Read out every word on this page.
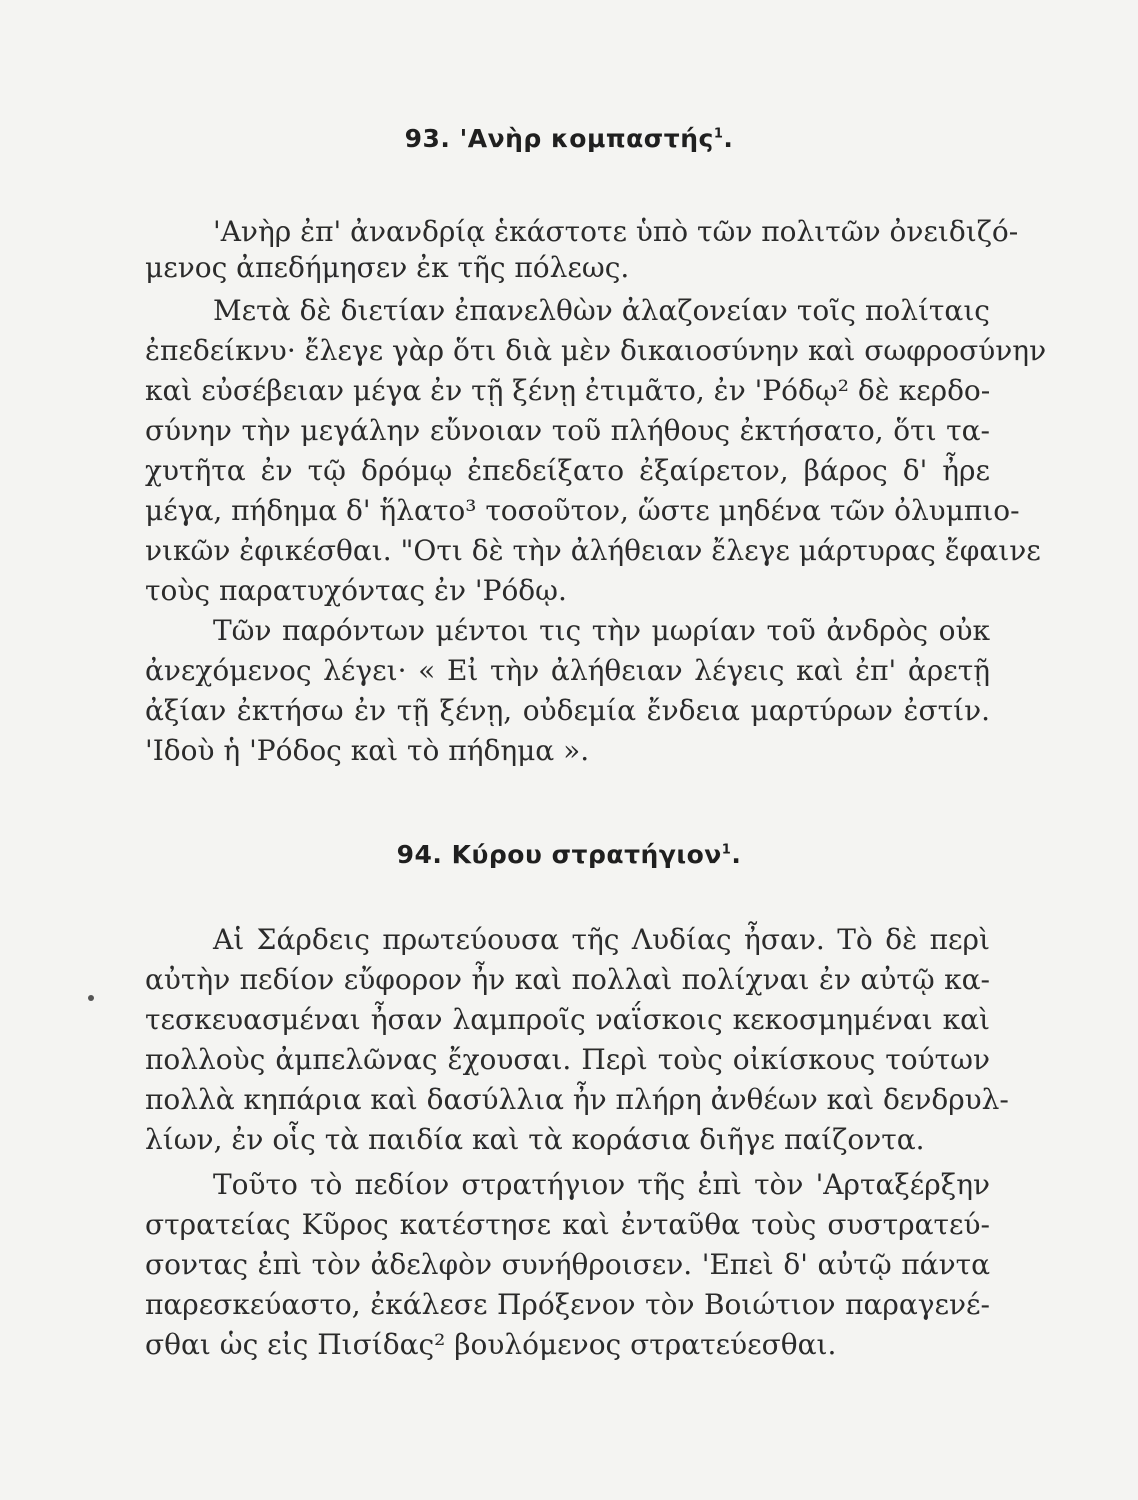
93. 'Ανὴρ κομπαστής$^1$.
'Ανὴρ ἐπ' ἀνανδρίᾳ ἑκάστοτε ὑπὸ τῶν πολιτῶν ὀνειδιζό-
μενος ἀπεδήμησεν ἐκ τῆς πόλεως.
Μετὰ δὲ διετίαν ἐπανελθὼν ἀλαζονείαν τοῖς πολίταις
ἐπεδείκνυ· ἔλεγε γὰρ ὅτι διὰ μὲν δικαιοσύνην καὶ σωφροσύνην
καὶ εὐσέβειαν μέγα ἐν τῇ ξένῃ ἐτιμᾶτο, ἐν 'Ρόδῳ² δὲ κερδο-
σύνην τὴν μεγάλην εὔνοιαν τοῦ πλήθους ἐκτήσατο, ὅτι τα-
χυτῆτα ἐν τῷ δρόμῳ ἐπεδείξατο ἐξαίρετον, βάρος δ' ἦρε
μέγα, πήδημα δ' ἥλατο³ τοσοῦτον, ὥστε μηδένα τῶν ὀλυμπιο-
νικῶν ἐφικέσθαι. "Οτι δὲ τὴν ἀλήθειαν ἔλεγε μάρτυρας ἔφαινε
τοὺς παρατυχόντας ἐν 'Ρόδῳ.
Τῶν παρόντων μέντοι τις τὴν μωρίαν τοῦ ἀνδρὸς οὐκ
ἀνεχόμενος λέγει· « Εἰ τὴν ἀλήθειαν λέγεις καὶ ἐπ' ἀρετῇ
ἀξίαν ἐκτήσω ἐν τῇ ξένῃ, οὐδεμία ἔνδεια μαρτύρων ἐστίν.
'Ιδοὺ ἡ 'Ρόδος καὶ τὸ πήδημα ».
94. Κύρου στρατήγιον$^1$.
Αἱ Σάρδεις πρωτεύουσα τῆς Λυδίας ἦσαν. Τὸ δὲ περὶ
αὐτὴν πεδίον εὔφορον ἦν καὶ πολλαὶ πολίχναι ἐν αὐτῷ κα-
τεσκευασμέναι ἦσαν λαμπροῖς ναΐσκοις κεκοσμημέναι καὶ
πολλοὺς ἀμπελῶνας ἔχουσαι. Περὶ τοὺς οἰκίσκους τούτων
πολλὰ κηπάρια καὶ δασύλλια ἦν πλήρη ἀνθέων καὶ δενδρυλ-
λίων, ἐν οἷς τὰ παιδία καὶ τὰ κοράσια διῆγε παίζοντα.
Τοῦτο τὸ πεδίον στρατήγιον τῆς ἐπὶ τὸν 'Αρταξέρξην
στρατείας Κῦρος κατέστησε καὶ ἐνταῦθα τοὺς συστρατεύ-
σοντας ἐπὶ τὸν ἀδελφὸν συνήθροισεν. 'Επεὶ δ' αὐτῷ πάντα
παρεσκεύαστο, ἐκάλεσε Πρόξενον τὸν Βοιώτιον παραγενέ-
σθαι ὡς εἰς Πισίδας² βουλόμενος στρατεύεσθαι.
